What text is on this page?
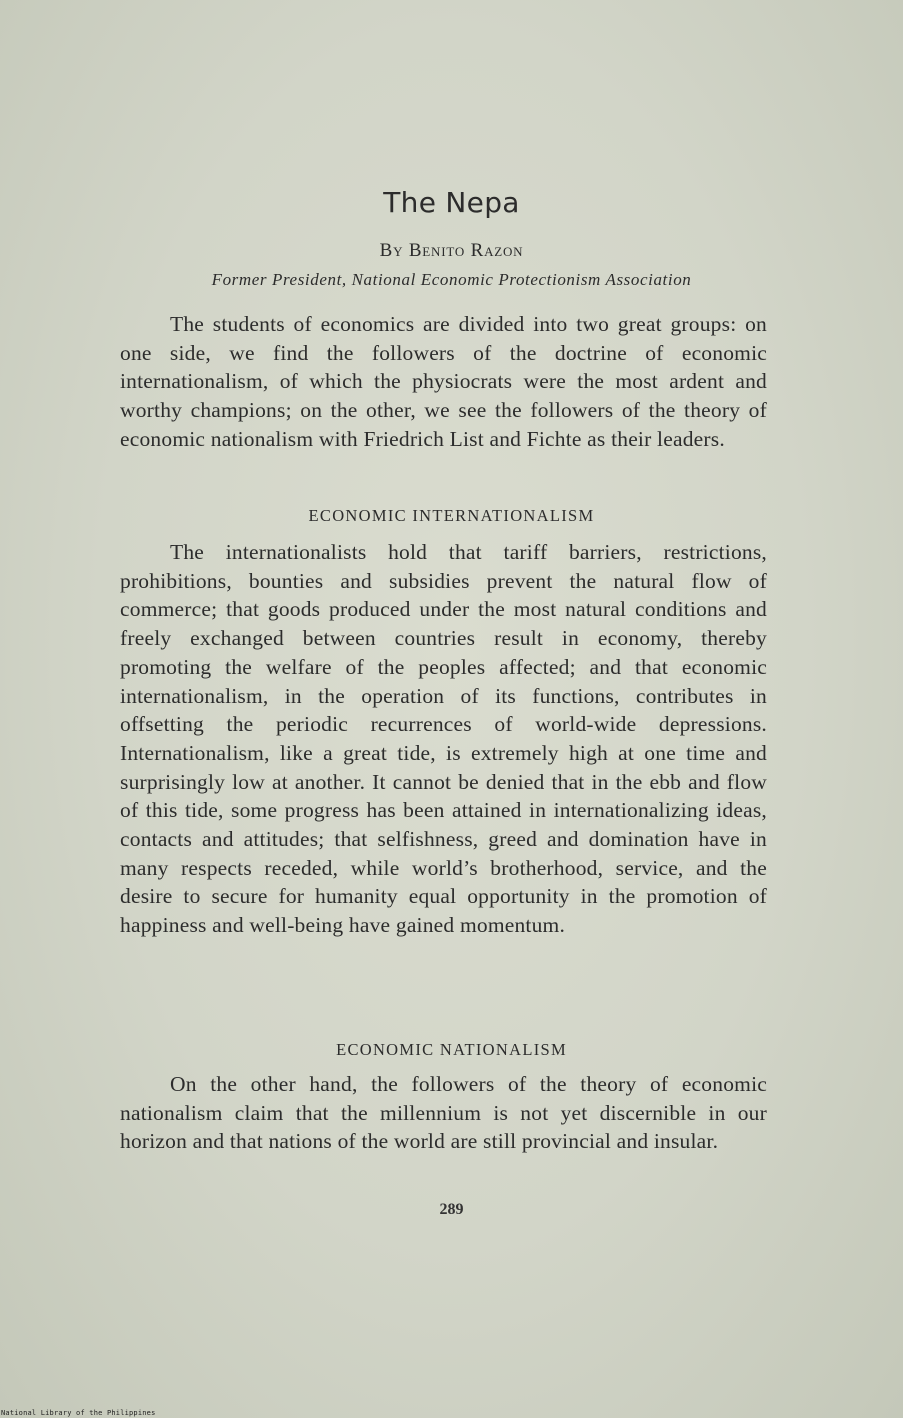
The Nepa
By Benito Razon
Former President, National Economic Protectionism Association

The students of economics are divided into two great groups: on one side, we find the followers of the doctrine of economic internationalism, of which the physiocrats were the most ardent and worthy champions; on the other, we see the followers of the theory of economic nationalism with Friedrich List and Fichte as their leaders.

ECONOMIC INTERNATIONALISM

The internationalists hold that tariff barriers, restrictions, prohibitions, bounties and subsidies prevent the natural flow of commerce; that goods produced under the most natural conditions and freely exchanged between countries result in economy, thereby promoting the welfare of the peoples affected; and that economic internationalism, in the operation of its functions, contributes in offsetting the periodic recurrences of world-wide depressions. Internationalism, like a great tide, is extremely high at one time and surprisingly low at another. It cannot be denied that in the ebb and flow of this tide, some progress has been attained in internationalizing ideas, contacts and attitudes; that selfishness, greed and domination have in many respects receded, while world’s brotherhood, service, and the desire to secure for humanity equal opportunity in the promotion of happiness and well-being have gained momentum.

ECONOMIC NATIONALISM

On the other hand, the followers of the theory of economic nationalism claim that the millennium is not yet discernible in our horizon and that nations of the world are still provincial and insular.

289
National Library of the Philippines
